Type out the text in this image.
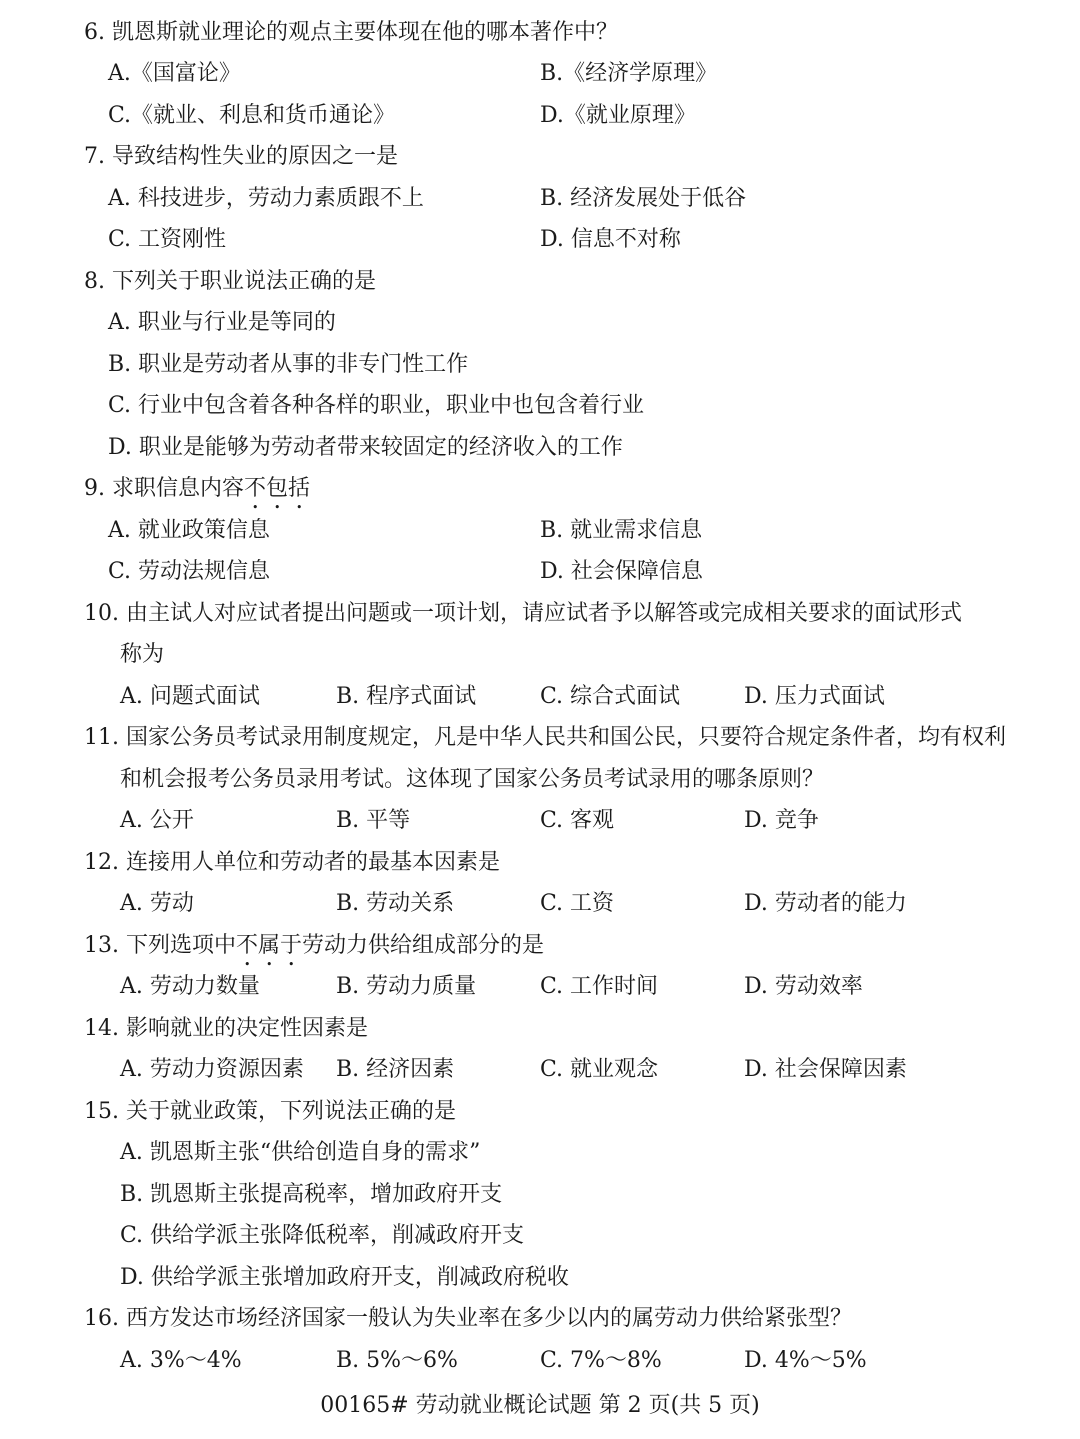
6. 凯恩斯就业理论的观点主要体现在他的哪本著作中？
A.《国富论》	B.《经济学原理》
C.《就业、利息和货币通论》	D.《就业原理》
7. 导致结构性失业的原因之一是
A. 科技进步，劳动力素质跟不上	B. 经济发展处于低谷
C. 工资刚性	D. 信息不对称
8. 下列关于职业说法正确的是
A. 职业与行业是等同的
B. 职业是劳动者从事的非专门性工作
C. 行业中包含着各种各样的职业，职业中也包含着行业
D. 职业是能够为劳动者带来较固定的经济收入的工作
9. 求职信息内容不包括
A. 就业政策信息	B. 就业需求信息
C. 劳动法规信息	D. 社会保障信息
10. 由主试人对应试者提出问题或一项计划，请应试者予以解答或完成相关要求的面试形式
称为
A. 问题式面试	B. 程序式面试	C. 综合式面试	D. 压力式面试
11. 国家公务员考试录用制度规定，凡是中华人民共和国公民，只要符合规定条件者，均有权利
和机会报考公务员录用考试。这体现了国家公务员考试录用的哪条原则？
A. 公开	B. 平等	C. 客观	D. 竞争
12. 连接用人单位和劳动者的最基本因素是
A. 劳动	B. 劳动关系	C. 工资	D. 劳动者的能力
13. 下列选项中不属于劳动力供给组成部分的是
A. 劳动力数量	B. 劳动力质量	C. 工作时间	D. 劳动效率
14. 影响就业的决定性因素是
A. 劳动力资源因素 B. 经济因素	C. 就业观念	D. 社会保障因素
15. 关于就业政策，下列说法正确的是
A. 凯恩斯主张“供给创造自身的需求”
B. 凯恩斯主张提高税率，增加政府开支
C. 供给学派主张降低税率，削减政府开支
D. 供给学派主张增加政府开支，削减政府税收
16. 西方发达市场经济国家一般认为失业率在多少以内的属劳动力供给紧张型？
A. 3%～4%	B. 5%～6%	C. 7%～8%	D. 4%～5%
00165# 劳动就业概论试题 第 2 页(共 5 页)
